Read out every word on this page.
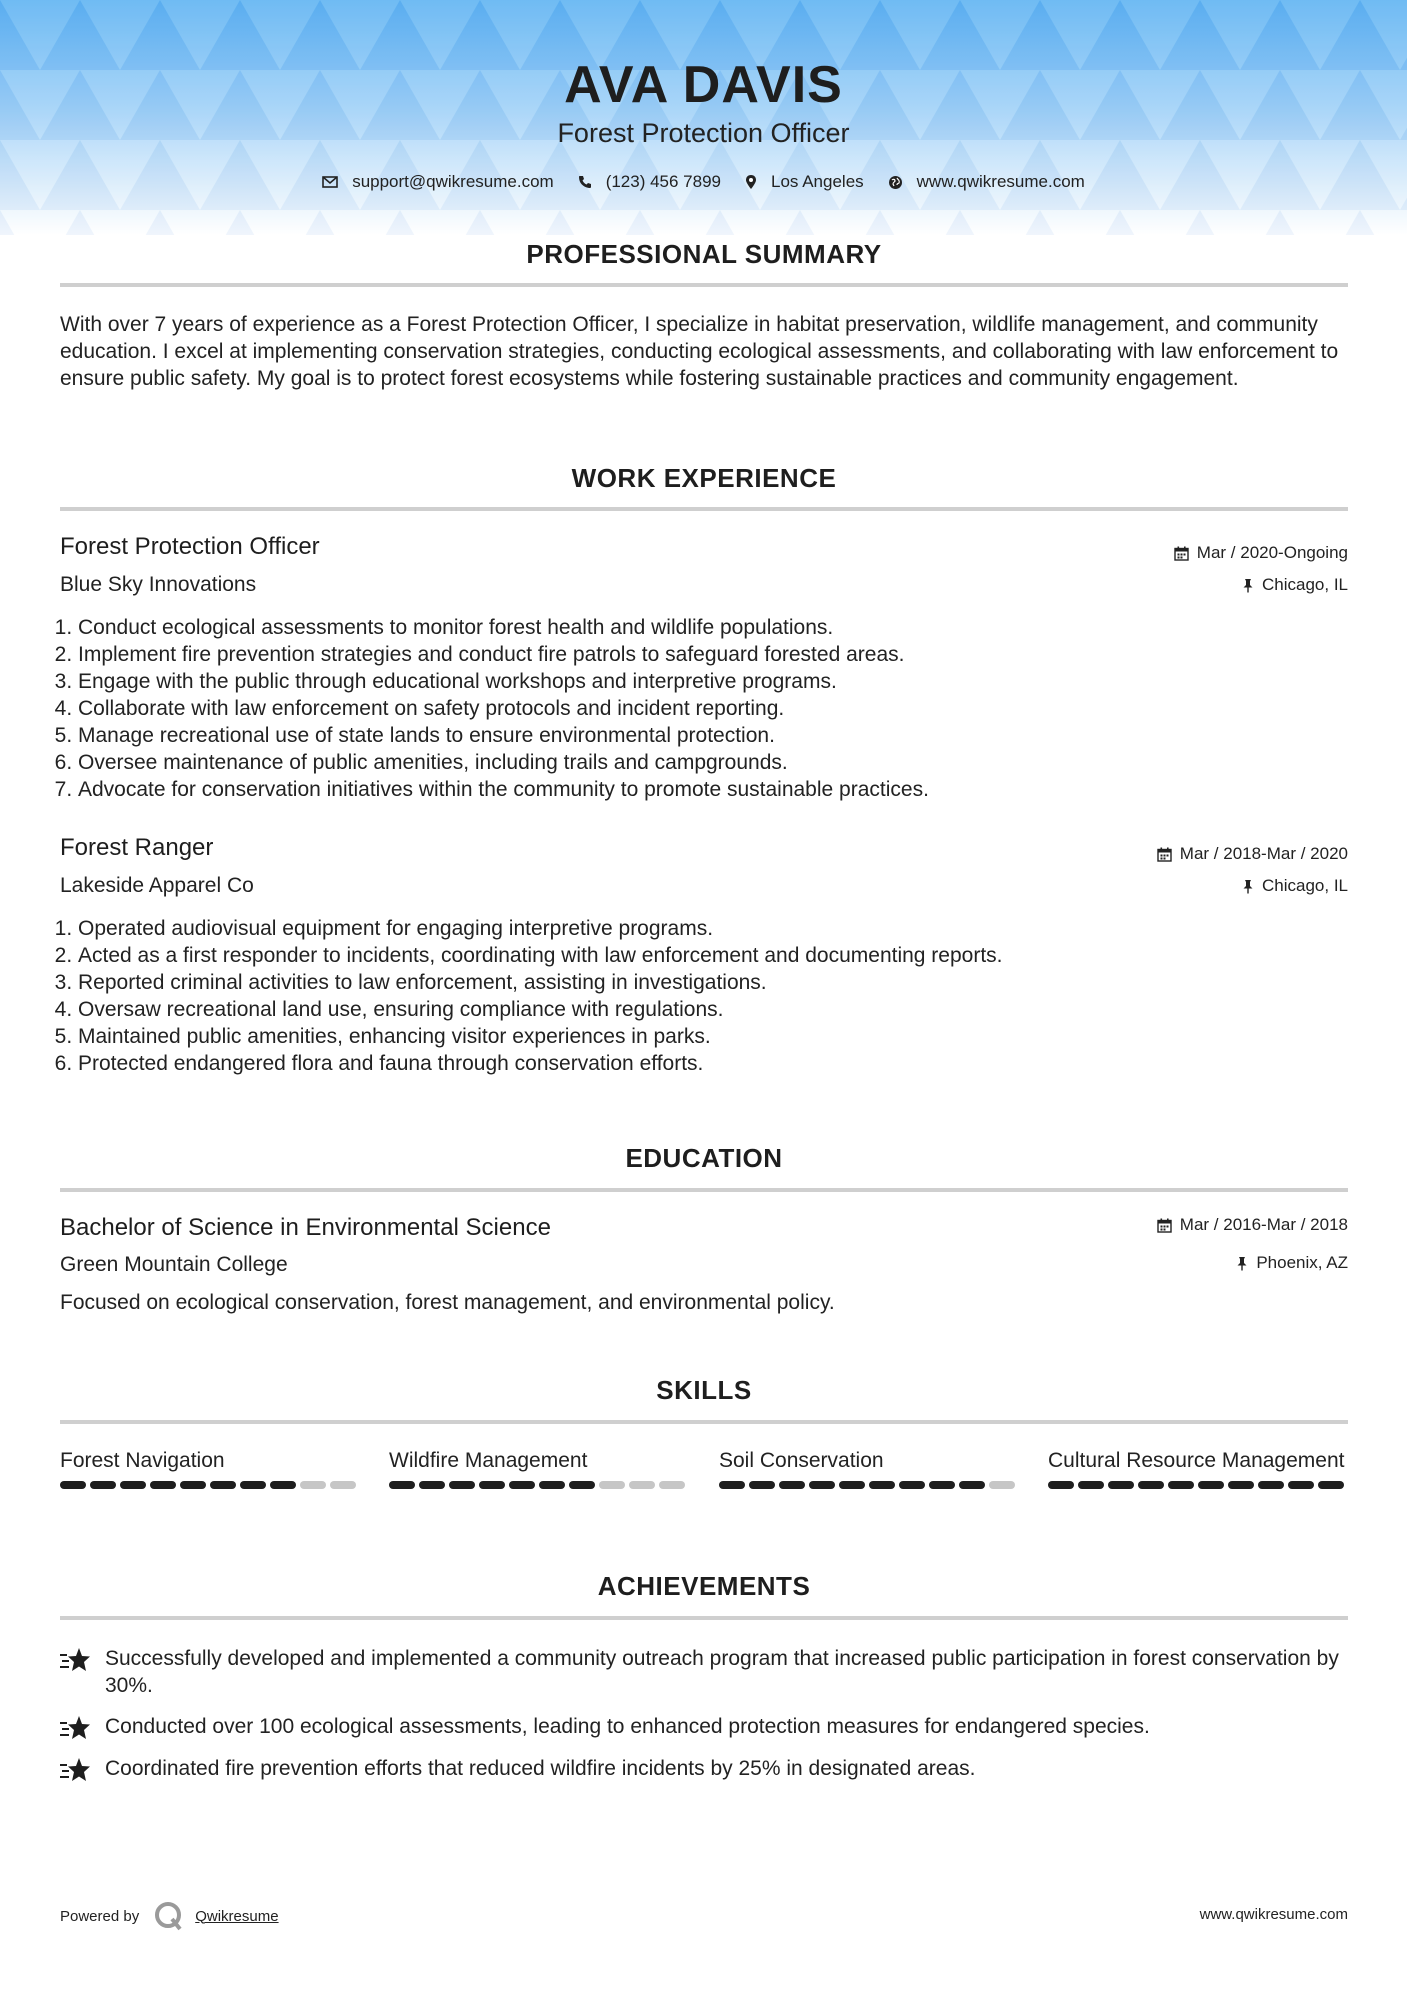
AVA DAVIS
Forest Protection Officer
support@qwikresume.com	(123) 456 7899	Los Angeles	www.qwikresume.com
PROFESSIONAL SUMMARY
With over 7 years of experience as a Forest Protection Officer, I specialize in habitat preservation, wildlife management, and community education. I excel at implementing conservation strategies, conducting ecological assessments, and collaborating with law enforcement to ensure public safety. My goal is to protect forest ecosystems while fostering sustainable practices and community engagement.
WORK EXPERIENCE
Forest Protection Officer	Mar / 2020-Ongoing
Blue Sky Innovations	Chicago, IL
1. Conduct ecological assessments to monitor forest health and wildlife populations.
2. Implement fire prevention strategies and conduct fire patrols to safeguard forested areas.
3. Engage with the public through educational workshops and interpretive programs.
4. Collaborate with law enforcement on safety protocols and incident reporting.
5. Manage recreational use of state lands to ensure environmental protection.
6. Oversee maintenance of public amenities, including trails and campgrounds.
7. Advocate for conservation initiatives within the community to promote sustainable practices.
Forest Ranger	Mar / 2018-Mar / 2020
Lakeside Apparel Co	Chicago, IL
1. Operated audiovisual equipment for engaging interpretive programs.
2. Acted as a first responder to incidents, coordinating with law enforcement and documenting reports.
3. Reported criminal activities to law enforcement, assisting in investigations.
4. Oversaw recreational land use, ensuring compliance with regulations.
5. Maintained public amenities, enhancing visitor experiences in parks.
6. Protected endangered flora and fauna through conservation efforts.
EDUCATION
Bachelor of Science in Environmental Science	Mar / 2016-Mar / 2018
Green Mountain College	Phoenix, AZ
Focused on ecological conservation, forest management, and environmental policy.
SKILLS
Forest Navigation	Wildfire Management	Soil Conservation	Cultural Resource Management
ACHIEVEMENTS
Successfully developed and implemented a community outreach program that increased public participation in forest conservation by 30%.
Conducted over 100 ecological assessments, leading to enhanced protection measures for endangered species.
Coordinated fire prevention efforts that reduced wildfire incidents by 25% in designated areas.
Powered by	Qwikresume	www.qwikresume.com
